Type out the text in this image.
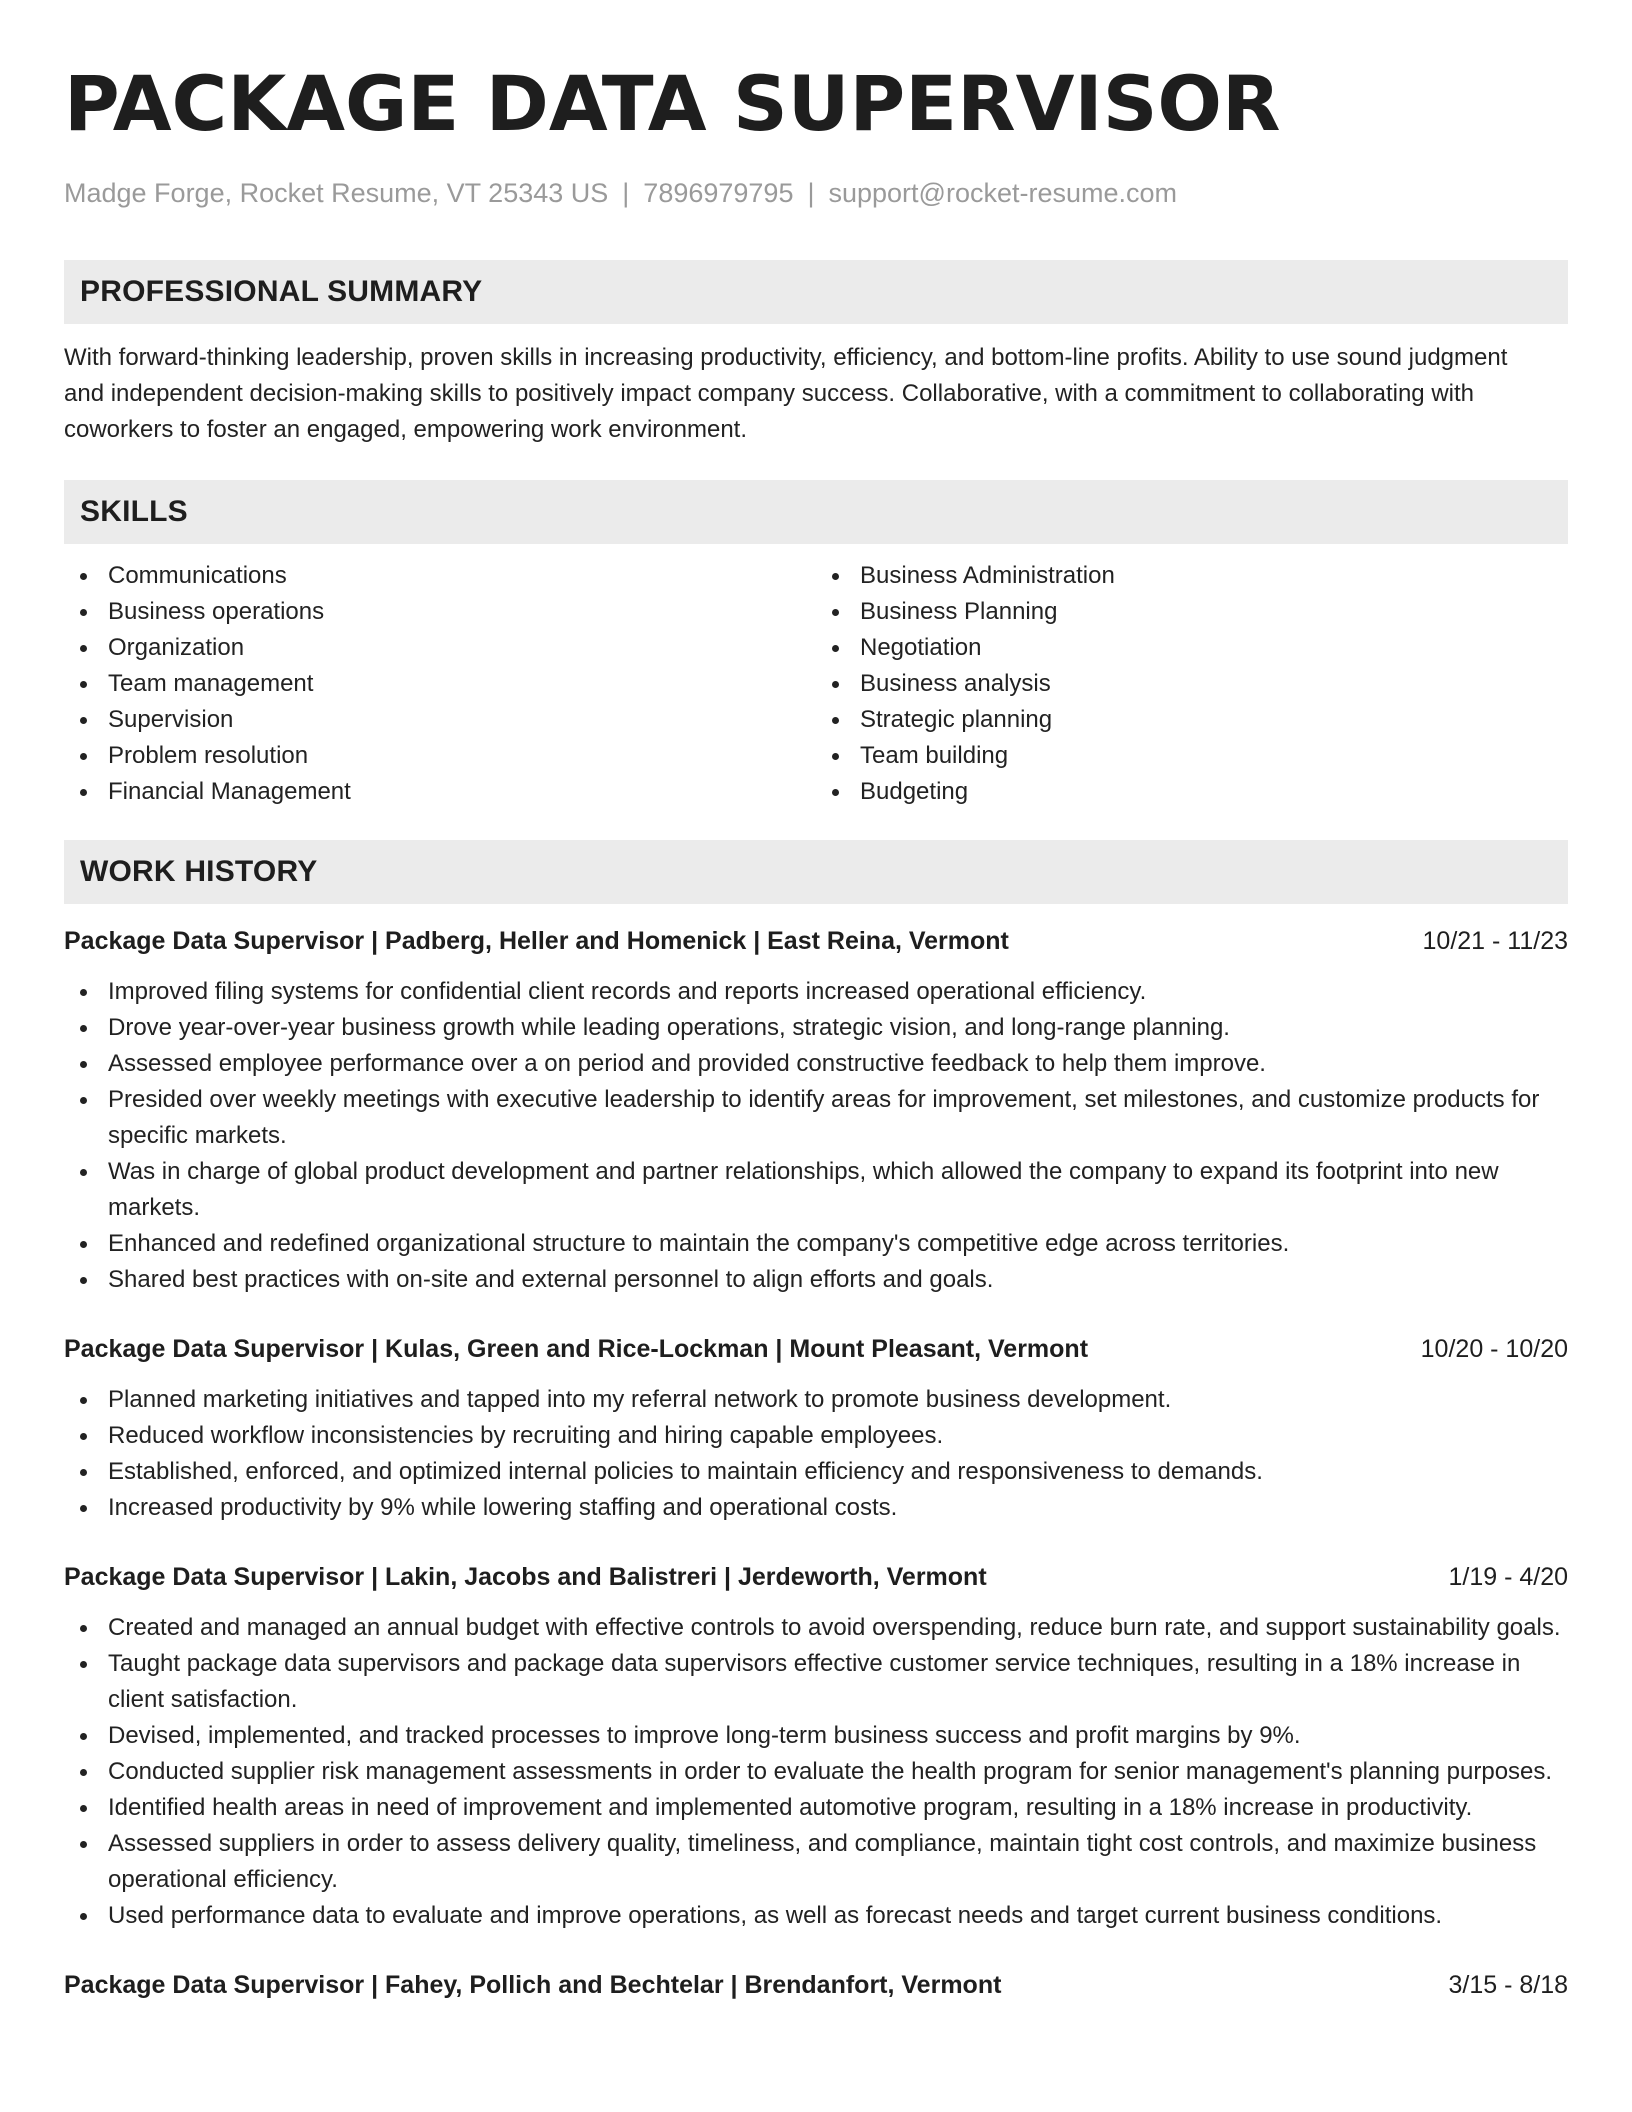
PACKAGE DATA SUPERVISOR
Madge Forge, Rocket Resume, VT 25343 US | 7896979795 | support@rocket-resume.com
PROFESSIONAL SUMMARY
With forward-thinking leadership, proven skills in increasing productivity, efficiency, and bottom-line profits. Ability to use sound judgment and independent decision-making skills to positively impact company success. Collaborative, with a commitment to collaborating with coworkers to foster an engaged, empowering work environment.
SKILLS
Communications
Business operations
Organization
Team management
Supervision
Problem resolution
Financial Management
Business Administration
Business Planning
Negotiation
Business analysis
Strategic planning
Team building
Budgeting
WORK HISTORY
Package Data Supervisor | Padberg, Heller and Homenick | East Reina, Vermont	10/21 - 11/23
Improved filing systems for confidential client records and reports increased operational efficiency.
Drove year-over-year business growth while leading operations, strategic vision, and long-range planning.
Assessed employee performance over a on period and provided constructive feedback to help them improve.
Presided over weekly meetings with executive leadership to identify areas for improvement, set milestones, and customize products for specific markets.
Was in charge of global product development and partner relationships, which allowed the company to expand its footprint into new markets.
Enhanced and redefined organizational structure to maintain the company's competitive edge across territories.
Shared best practices with on-site and external personnel to align efforts and goals.
Package Data Supervisor | Kulas, Green and Rice-Lockman | Mount Pleasant, Vermont	10/20 - 10/20
Planned marketing initiatives and tapped into my referral network to promote business development.
Reduced workflow inconsistencies by recruiting and hiring capable employees.
Established, enforced, and optimized internal policies to maintain efficiency and responsiveness to demands.
Increased productivity by 9% while lowering staffing and operational costs.
Package Data Supervisor | Lakin, Jacobs and Balistreri | Jerdeworth, Vermont	1/19 - 4/20
Created and managed an annual budget with effective controls to avoid overspending, reduce burn rate, and support sustainability goals.
Taught package data supervisors and package data supervisors effective customer service techniques, resulting in a 18% increase in client satisfaction.
Devised, implemented, and tracked processes to improve long-term business success and profit margins by 9%.
Conducted supplier risk management assessments in order to evaluate the health program for senior management's planning purposes.
Identified health areas in need of improvement and implemented automotive program, resulting in a 18% increase in productivity.
Assessed suppliers in order to assess delivery quality, timeliness, and compliance, maintain tight cost controls, and maximize business operational efficiency.
Used performance data to evaluate and improve operations, as well as forecast needs and target current business conditions.
Package Data Supervisor | Fahey, Pollich and Bechtelar | Brendanfort, Vermont	3/15 - 8/18
